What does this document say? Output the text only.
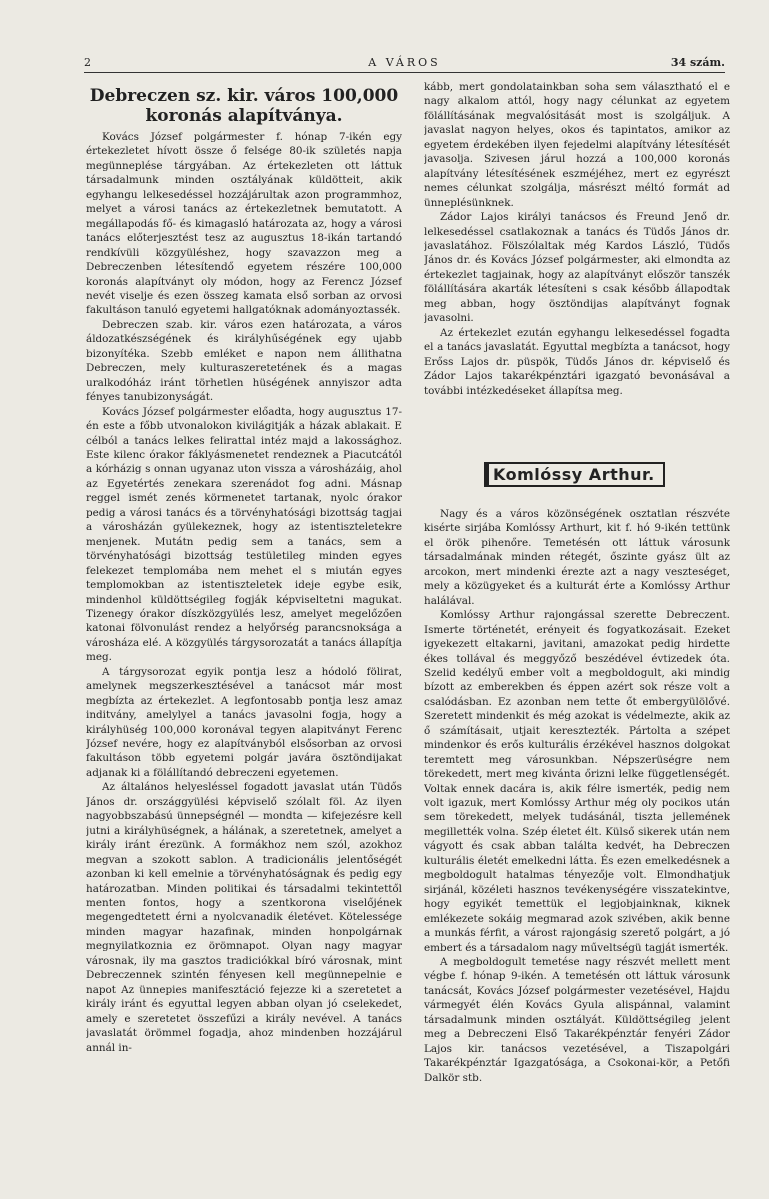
2	A VÁROS	34 szám.
Debreczen sz. kir. város 100,000 koronás alapítványa.

Kovács József polgármester f. hónap 7-ikén egy értekezletet hívott össze ő felsége 80-ik születés napja megünneplése tárgyában. Az értekezleten ott láttuk társadalmunk minden osztályának küldötteit, akik egyhangu lelkesedéssel hozzájárultak azon programmhoz, melyet a városi tanács az értekezletnek bemutatott. A megállapodás fő- és kimagasló határozata az, hogy a városi tanács előterjesztést tesz az augusztus 18-ikán tartandó rendkívüli közgyüléshez, hogy szavazzon meg a Debreczenben létesítendő egyetem részére 100,000 koronás alapítványt oly módon, hogy az Ferencz József nevét viselje és ezen összeg kamata első sorban az orvosi fakultáson tanuló egyetemi hallgatóknak adományoztassék.

Debreczen szab. kir. város ezen határozata, a város áldozatkészségének és királyhűségének egy ujabb bizonyítéka. Szebb emléket e napon nem állithatna Debreczen, mely kulturaszeretetének és a magas uralkodóház iránt törhetlen hüségének annyiszor adta fényes tanubizonyságát.

Kovács József polgármester előadta, hogy augusztus 17-én este a főbb utvonalokon kivilágitják a házak ablakait. E célból a tanács lelkes felirattal intéz majd a lakossághoz. Este kilenc órakor fáklyásmenetet rendeznek a Piacutcától a kórházig s onnan ugyanaz uton vissza a városházáig, ahol az Egyetértés zenekara szerenádot fog adni. Másnap reggel ismét zenés körmenetet tartanak, nyolc órakor pedig a városi tanács és a törvényhatósági bizottság tagjai a városházán gyülekeznek, hogy az istentiszteletekre menjenek. Mutátn pedig sem a tanács, sem a törvényhatósági bizottság testületileg minden egyes felekezet templomába nem mehet el s miután egyes templomokban az istentiszteletek ideje egybe esik, mindenhol küldöttségileg fogják képviseltetni magukat. Tizenegy órakor díszközgyülés lesz, amelyet megelőzően katonai fölvonulást rendez a helyőrség parancsnoksága a városháza elé. A közgyülés tárgysorozatát a tanács állapítja meg.

A tárgysorozat egyik pontja lesz a hódoló fölirat, amelynek megszerkesztésével a tanácsot már most megbízta az értekezlet. A legfontosabb pontja lesz amaz inditvány, amelylyel a tanács javasolni fogja, hogy a királyhüség 100,000 koronával tegyen alapitványt Ferenc József nevére, hogy ez alapítványból elsősorban az orvosi fakultáson több egyetemi polgár javára ösztöndijakat adjanak ki a fölállítandó debreczeni egyetemen.

Az általános helyesléssel fogadott javaslat után Tüdős János dr. országgyülési képviselő szólalt föl. Az ilyen nagyobbszabású ünnepségnél — mondta — kifejezésre kell jutni a királyhüségnek, a hálának, a szeretetnek, amelyet a király iránt érezünk. A formákhoz nem szól, azokhoz megvan a szokott sablon. A tradicionális jelentőségét azonban ki kell emelnie a törvényhatóságnak és pedig egy határozatban. Minden politikai és társadalmi tekintettől menten fontos, hogy a szentkorona viselőjének megengedtetett érni a nyolcvanadik életévet. Kötelessége minden magyar hazafinak, minden honpolgárnak megnyilatkoznia ez örömnapot. Olyan nagy magyar városnak, ily ma gasztos tradiciókkal bíró városnak, mint Debreczennek szintén fényesen kell megünnepelnie e napot Az ünnepies manifesztáció fejezze ki a szeretetet a király iránt és egyuttal legyen abban olyan jó cselekedet, amely e szeretetet összefűzi a király nevével. A tanács javaslatát örömmel fogadja, ahoz mindenben hozzájárul annál in-

kább, mert gondolatainkban soha sem választható el e nagy alkalom attól, hogy nagy célunkat az egyetem fölállításának megvalósitását most is szolgáljuk. A javaslat nagyon helyes, okos és tapintatos, amikor az egyetem érdekében ilyen fejedelmi alapítvány létesítését javasolja. Szivesen járul hozzá a 100,000 koronás alapítvány létesítésének eszméjéhez, mert ez egyrészt nemes célunkat szolgálja, másrészt méltó formát ad ünneplésünknek.

Zádor Lajos királyi tanácsos és Freund Jenő dr. lelkesedéssel csatlakoznak a tanács és Tüdős János dr. javaslatához. Fölszólaltak még Kardos László, Tüdős János dr. és Kovács József polgármester, aki elmondta az értekezlet tagjainak, hogy az alapítványt először tanszék fölállítására akarták létesíteni s csak később állapodtak meg abban, hogy ösztöndijas alapítványt fognak javasolni.

Az értekezlet ezután egyhangu lelkesedéssel fogadta el a tanács javaslatát. Egyuttal megbízta a tanácsot, hogy Erőss Lajos dr. püspök, Tüdős János dr. képviselő és Zádor Lajos takarékpénztári igazgató bevonásával a további intézkedéseket állapítsa meg.

Komlóssy Arthur.

Nagy és a város közönségének osztatlan részvéte kisérte sirjába Komlóssy Arthurt, kit f. hó 9-ikén tettünk el örök pihenőre. Temetésén ott láttuk városunk társadalmának minden rétegét, őszinte gyász ült az arcokon, mert mindenki érezte azt a nagy veszteséget, mely a közügyeket és a kulturát érte a Komlóssy Arthur halálával.

Komlóssy Arthur rajongással szerette Debreczent. Ismerte történetét, erényeit és fogyatkozásait. Ezeket igyekezett eltakarni, javitani, amazokat pedig hirdette ékes tollával és meggyőző beszédével évtizedek óta. Szelid kedélyű ember volt a megboldogult, aki mindig bízott az emberekben és éppen azért sok része volt a csalódásban. Ez azonban nem tette őt embergyülölővé. Szeretett mindenkit és még azokat is védelmezte, akik az ő számításait, utjait keresztezték. Pártolta a szépet mindenkor és erős kulturális érzékével hasznos dolgokat teremtett meg városunkban. Népszerüségre nem törekedett, mert meg kivánta őrizni lelke függetlenségét. Voltak ennek dacára is, akik félre ismerték, pedig nem volt igazuk, mert Komlóssy Arthur még oly pocikos után sem törekedett, melyek tudásánál, tiszta jellemének megillették volna. Szép életet élt. Külső sikerek után nem vágyott és csak abban találta kedvét, ha Debreczen kulturális életét emelkedni látta. És ezen emelkedésnek a megboldogult hatalmas tényezője volt. Elmondhatjuk sirjánál, közéleti hasznos tevékenységére visszatekintve, hogy egyikét temettük el legjobjainknak, kiknek emlékezete sokáig megmarad azok szivében, akik benne a munkás férfit, a várost rajongásig szerető polgárt, a jó embert és a társadalom nagy műveltségü tagját ismerték.

A megboldogult temetése nagy részvét mellett ment végbe f. hónap 9-ikén. A temetésén ott láttuk városunk tanácsát, Kovács József polgármester vezetésével, Hajdu vármegyét élén Kovács Gyula alispánnal, valamint társadalmunk minden osztályát. Küldöttségileg jelent meg a Debreczeni Első Takarékpénztár fenyéri Zádor Lajos kir. tanácsos vezetésével, a Tiszapolgári Takarékpénztár Igazgatósága, a Csokonai-kör, a Petőfi Dalkör stb.
